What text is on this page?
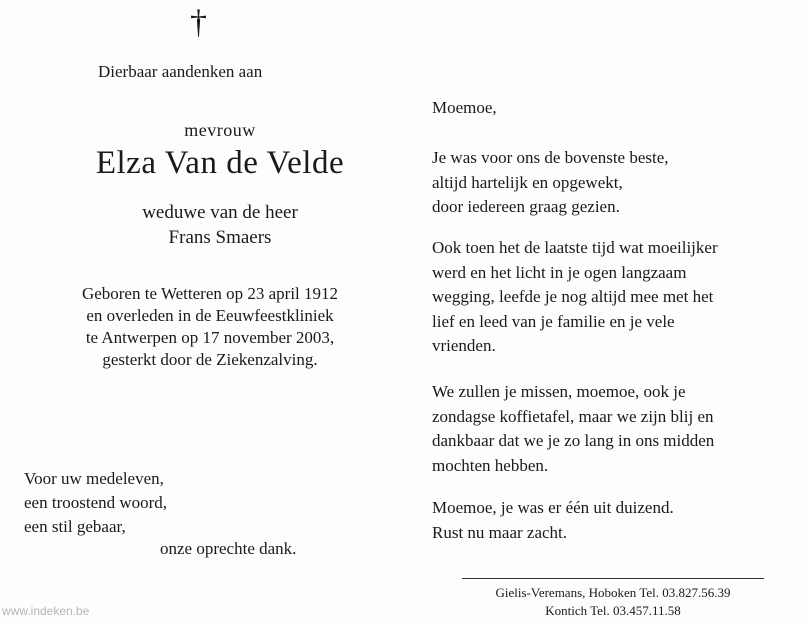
†
Dierbaar aandenken aan
mevrouw
Elza Van de Velde
weduwe van de heer
Frans Smaers
Geboren te Wetteren op 23 april 1912
en overleden in de Eeuwfeestkliniek
te Antwerpen op 17 november 2003,
gesterkt door de Ziekenzalving.
Voor uw medeleven,
een troostend woord,
een stil gebaar,
onze oprechte dank.
Moemoe,
Je was voor ons de bovenste beste,
altijd hartelijk en opgewekt,
door iedereen graag gezien.
Ook toen het de laatste tijd wat moeilijker
werd en het licht in je ogen langzaam
wegging, leefde je nog altijd mee met het
lief en leed van je familie en je vele
vrienden.
We zullen je missen, moemoe, ook je
zondagse koffietafel, maar we zijn blij en
dankbaar dat we je zo lang in ons midden
mochten hebben.
Moemoe, je was er één uit duizend.
Rust nu maar zacht.
Gielis-Veremans, Hoboken Tel. 03.827.56.39
Kontich Tel. 03.457.11.58
www.indeken.be
